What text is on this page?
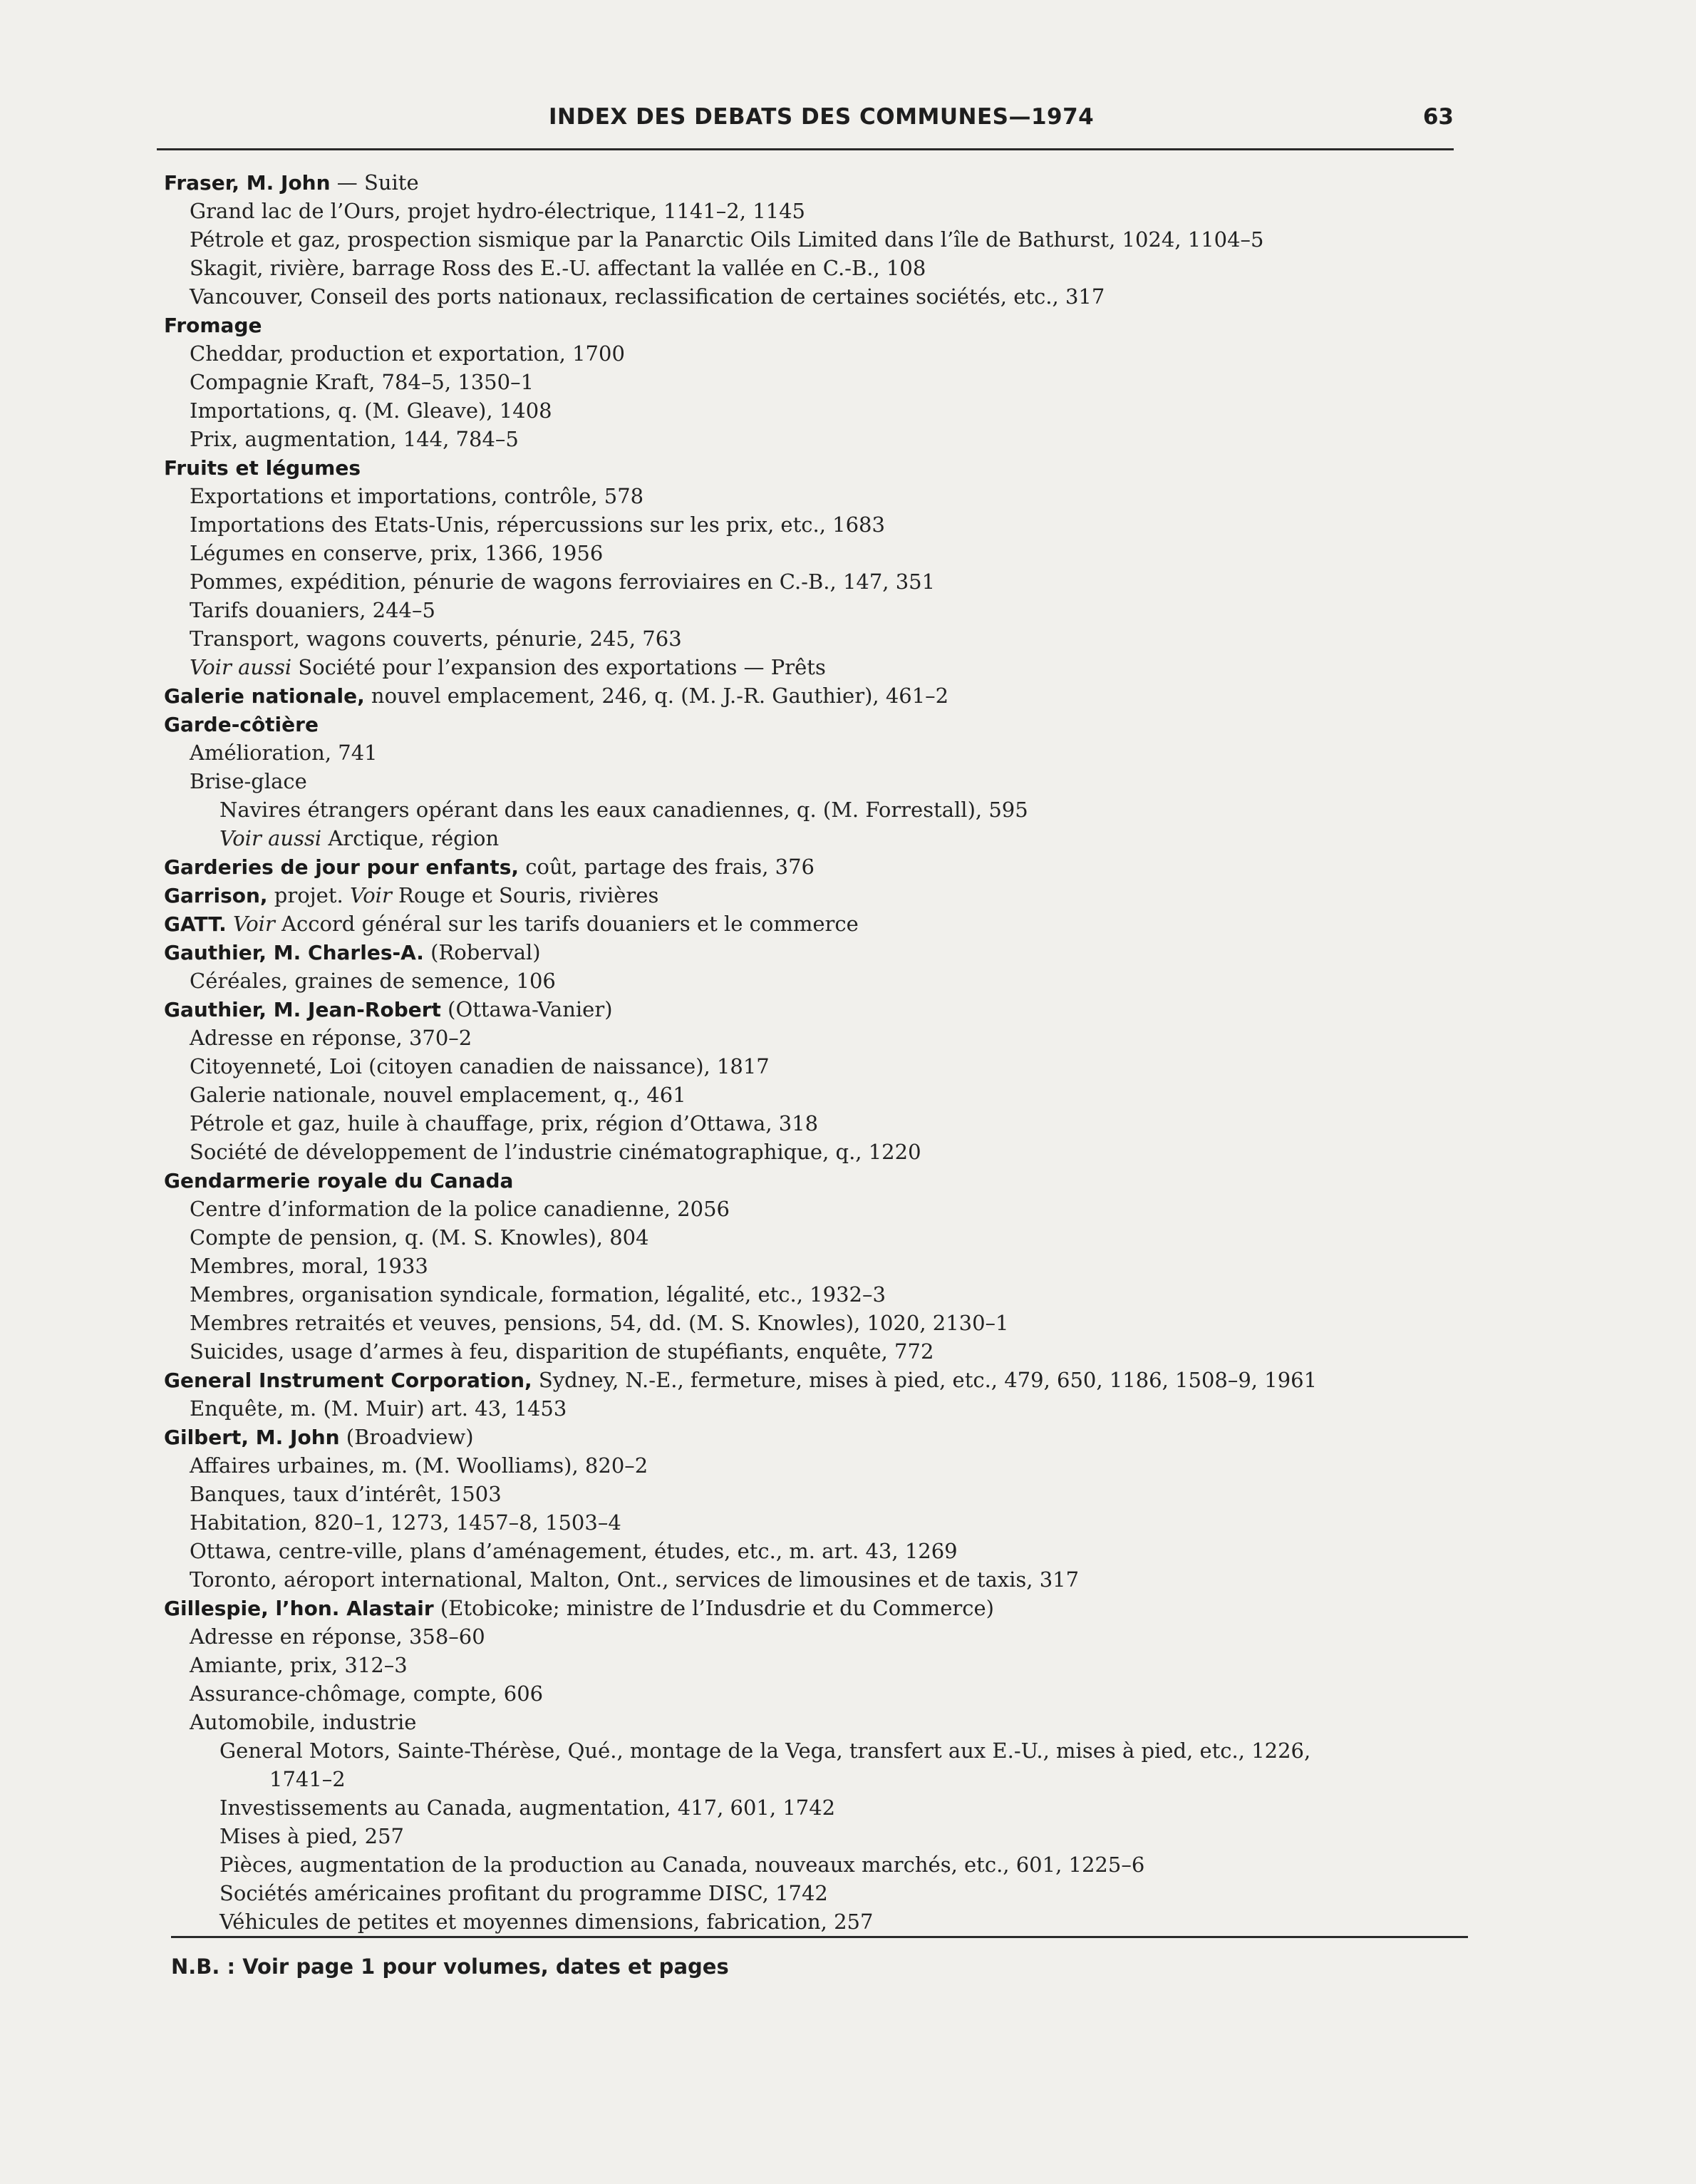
INDEX DES DEBATS DES COMMUNES—1974	63
Fraser, M. John — Suite
Grand lac de l’Ours, projet hydro-électrique, 1141–2, 1145
Pétrole et gaz, prospection sismique par la Panarctic Oils Limited dans l’île de Bathurst, 1024, 1104–5
Skagit, rivière, barrage Ross des E.-U. affectant la vallée en C.-B., 108
Vancouver, Conseil des ports nationaux, reclassification de certaines sociétés, etc., 317
Fromage
Cheddar, production et exportation, 1700
Compagnie Kraft, 784–5, 1350–1
Importations, q. (M. Gleave), 1408
Prix, augmentation, 144, 784–5
Fruits et légumes
Exportations et importations, contrôle, 578
Importations des Etats-Unis, répercussions sur les prix, etc., 1683
Légumes en conserve, prix, 1366, 1956
Pommes, expédition, pénurie de wagons ferroviaires en C.-B., 147, 351
Tarifs douaniers, 244–5
Transport, wagons couverts, pénurie, 245, 763
Voir aussi Société pour l’expansion des exportations — Prêts
Galerie nationale, nouvel emplacement, 246, q. (M. J.-R. Gauthier), 461–2
Garde-côtière
Amélioration, 741
Brise-glace
Navires étrangers opérant dans les eaux canadiennes, q. (M. Forrestall), 595
Voir aussi Arctique, région
Garderies de jour pour enfants, coût, partage des frais, 376
Garrison, projet. Voir Rouge et Souris, rivières
GATT. Voir Accord général sur les tarifs douaniers et le commerce
Gauthier, M. Charles-A. (Roberval)
Céréales, graines de semence, 106
Gauthier, M. Jean-Robert (Ottawa-Vanier)
Adresse en réponse, 370–2
Citoyenneté, Loi (citoyen canadien de naissance), 1817
Galerie nationale, nouvel emplacement, q., 461
Pétrole et gaz, huile à chauffage, prix, région d’Ottawa, 318
Société de développement de l’industrie cinématographique, q., 1220
Gendarmerie royale du Canada
Centre d’information de la police canadienne, 2056
Compte de pension, q. (M. S. Knowles), 804
Membres, moral, 1933
Membres, organisation syndicale, formation, légalité, etc., 1932–3
Membres retraités et veuves, pensions, 54, dd. (M. S. Knowles), 1020, 2130–1
Suicides, usage d’armes à feu, disparition de stupéfiants, enquête, 772
General Instrument Corporation, Sydney, N.-E., fermeture, mises à pied, etc., 479, 650, 1186, 1508–9, 1961
Enquête, m. (M. Muir) art. 43, 1453
Gilbert, M. John (Broadview)
Affaires urbaines, m. (M. Woolliams), 820–2
Banques, taux d’intérêt, 1503
Habitation, 820–1, 1273, 1457–8, 1503–4
Ottawa, centre-ville, plans d’aménagement, études, etc., m. art. 43, 1269
Toronto, aéroport international, Malton, Ont., services de limousines et de taxis, 317
Gillespie, l’hon. Alastair (Etobicoke; ministre de l’Indusdrie et du Commerce)
Adresse en réponse, 358–60
Amiante, prix, 312–3
Assurance-chômage, compte, 606
Automobile, industrie
General Motors, Sainte-Thérèse, Qué., montage de la Vega, transfert aux E.-U., mises à pied, etc., 1226,
1741–2
Investissements au Canada, augmentation, 417, 601, 1742
Mises à pied, 257
Pièces, augmentation de la production au Canada, nouveaux marchés, etc., 601, 1225–6
Sociétés américaines profitant du programme DISC, 1742
Véhicules de petites et moyennes dimensions, fabrication, 257
N.B. : Voir page 1 pour volumes, dates et pages
